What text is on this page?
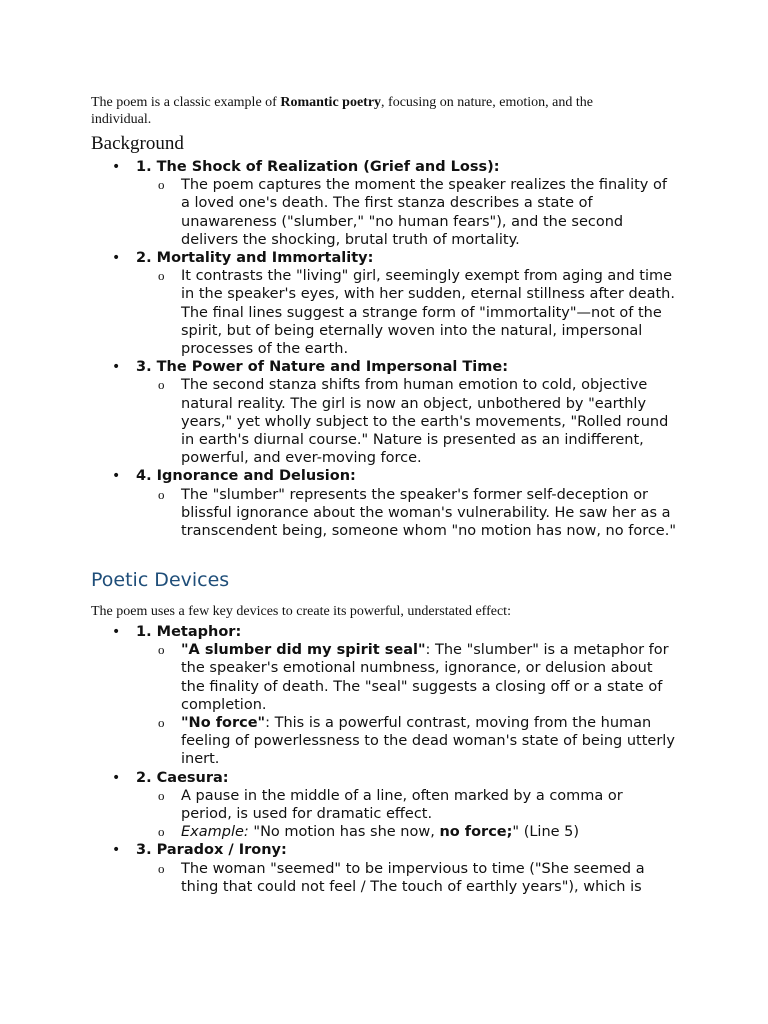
The poem is a classic example of Romantic poetry, focusing on nature, emotion, and the individual.

Background
• 1. The Shock of Realization (Grief and Loss):
o The poem captures the moment the speaker realizes the finality of a loved one's death. The first stanza describes a state of unawareness ("slumber," "no human fears"), and the second delivers the shocking, brutal truth of mortality.
• 2. Mortality and Immortality:
o It contrasts the "living" girl, seemingly exempt from aging and time in the speaker's eyes, with her sudden, eternal stillness after death. The final lines suggest a strange form of "immortality"—not of the spirit, but of being eternally woven into the natural, impersonal processes of the earth.
• 3. The Power of Nature and Impersonal Time:
o The second stanza shifts from human emotion to cold, objective natural reality. The girl is now an object, unbothered by "earthly years," yet wholly subject to the earth's movements, "Rolled round in earth's diurnal course." Nature is presented as an indifferent, powerful, and ever-moving force.
• 4. Ignorance and Delusion:
o The "slumber" represents the speaker's former self-deception or blissful ignorance about the woman's vulnerability. He saw her as a transcendent being, someone whom "no motion has now, no force."
Poetic Devices

The poem uses a few key devices to create its powerful, understated effect:

• 1. Metaphor:
o "A slumber did my spirit seal": The "slumber" is a metaphor for the speaker's emotional numbness, ignorance, or delusion about the finality of death. The "seal" suggests a closing off or a state of completion.
o "No force": This is a powerful contrast, moving from the human feeling of powerlessness to the dead woman's state of being utterly inert.
• 2. Caesura:
o A pause in the middle of a line, often marked by a comma or period, is used for dramatic effect.
o Example: "No motion has she now, no force;" (Line 5)
• 3. Paradox / Irony:
o The woman "seemed" to be impervious to time ("She seemed a thing that could not feel / The touch of earthly years"), which is
